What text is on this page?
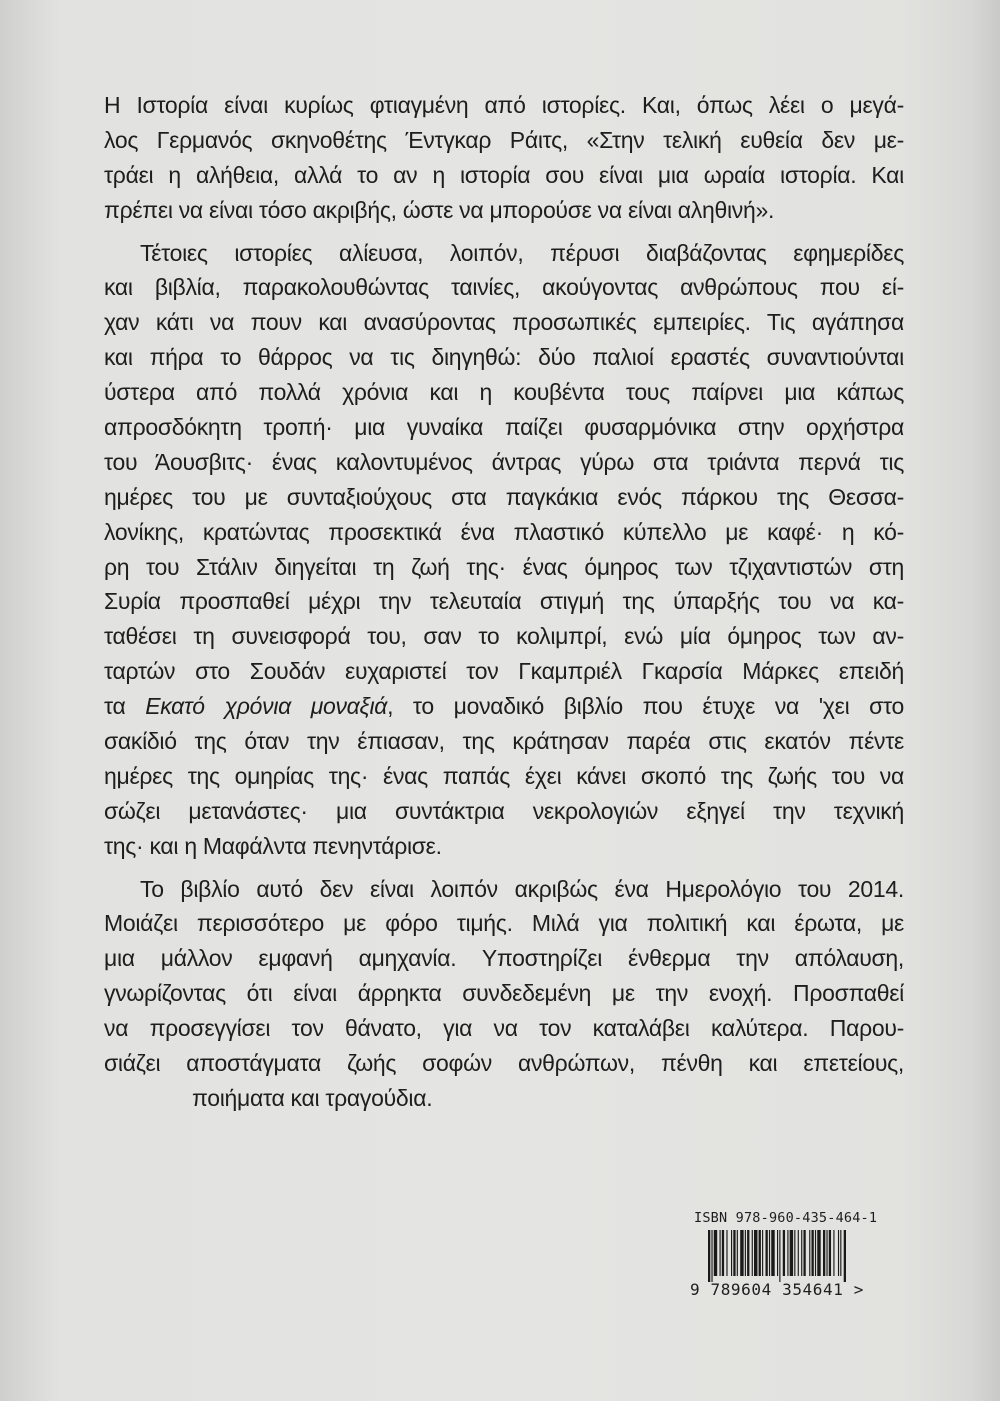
Η Ιστορία είναι κυρίως φτιαγμένη από ιστορίες. Και, όπως λέει ο μεγά-
λος Γερμανός σκηνοθέτης Έντγκαρ Ράιτς, «Στην τελική ευθεία δεν με-
τράει η αλήθεια, αλλά το αν η ιστορία σου είναι μια ωραία ιστορία. Και
πρέπει να είναι τόσο ακριβής, ώστε να μπορούσε να είναι αληθινή».
Τέτοιες ιστορίες αλίευσα, λοιπόν, πέρυσι διαβάζοντας εφημερίδες
και βιβλία, παρακολουθώντας ταινίες, ακούγοντας ανθρώπους που εί-
χαν κάτι να πουν και ανασύροντας προσωπικές εμπειρίες. Τις αγάπησα
και πήρα το θάρρος να τις διηγηθώ: δύο παλιοί εραστές συναντιούνται
ύστερα από πολλά χρόνια και η κουβέντα τους παίρνει μια κάπως
απροσδόκητη τροπή· μια γυναίκα παίζει φυσαρμόνικα στην ορχήστρα
του Άουσβιτς· ένας καλοντυμένος άντρας γύρω στα τριάντα περνά τις
ημέρες του με συνταξιούχους στα παγκάκια ενός πάρκου της Θεσσα-
λονίκης, κρατώντας προσεκτικά ένα πλαστικό κύπελλο με καφέ· η κό-
ρη του Στάλιν διηγείται τη ζωή της· ένας όμηρος των τζιχαντιστών στη
Συρία προσπαθεί μέχρι την τελευταία στιγμή της ύπαρξής του να κα-
ταθέσει τη συνεισφορά του, σαν το κολιμπρί, ενώ μία όμηρος των αν-
ταρτών στο Σουδάν ευχαριστεί τον Γκαμπριέλ Γκαρσία Μάρκες επειδή
τα Εκατό χρόνια μοναξιά, το μοναδικό βιβλίο που έτυχε να 'χει στο
σακίδιό της όταν την έπιασαν, της κράτησαν παρέα στις εκατόν πέντε
ημέρες της ομηρίας της· ένας παπάς έχει κάνει σκοπό της ζωής του να
σώζει μετανάστες· μια συντάκτρια νεκρολογιών εξηγεί την τεχνική
της· και η Μαφάλντα πενηντάρισε.
Το βιβλίο αυτό δεν είναι λοιπόν ακριβώς ένα Ημερολόγιο του 2014.
Μοιάζει περισσότερο με φόρο τιμής. Μιλά για πολιτική και έρωτα, με
μια μάλλον εμφανή αμηχανία. Υποστηρίζει ένθερμα την απόλαυση,
γνωρίζοντας ότι είναι άρρηκτα συνδεδεμένη με την ενοχή. Προσπαθεί
να προσεγγίσει τον θάνατο, για να τον καταλάβει καλύτερα. Παρου-
σιάζει αποστάγματα ζωής σοφών ανθρώπων, πένθη και επετείους,
ποιήματα και τραγούδια.
ISBN 978-960-435-464-1
9 789604 354641 >
